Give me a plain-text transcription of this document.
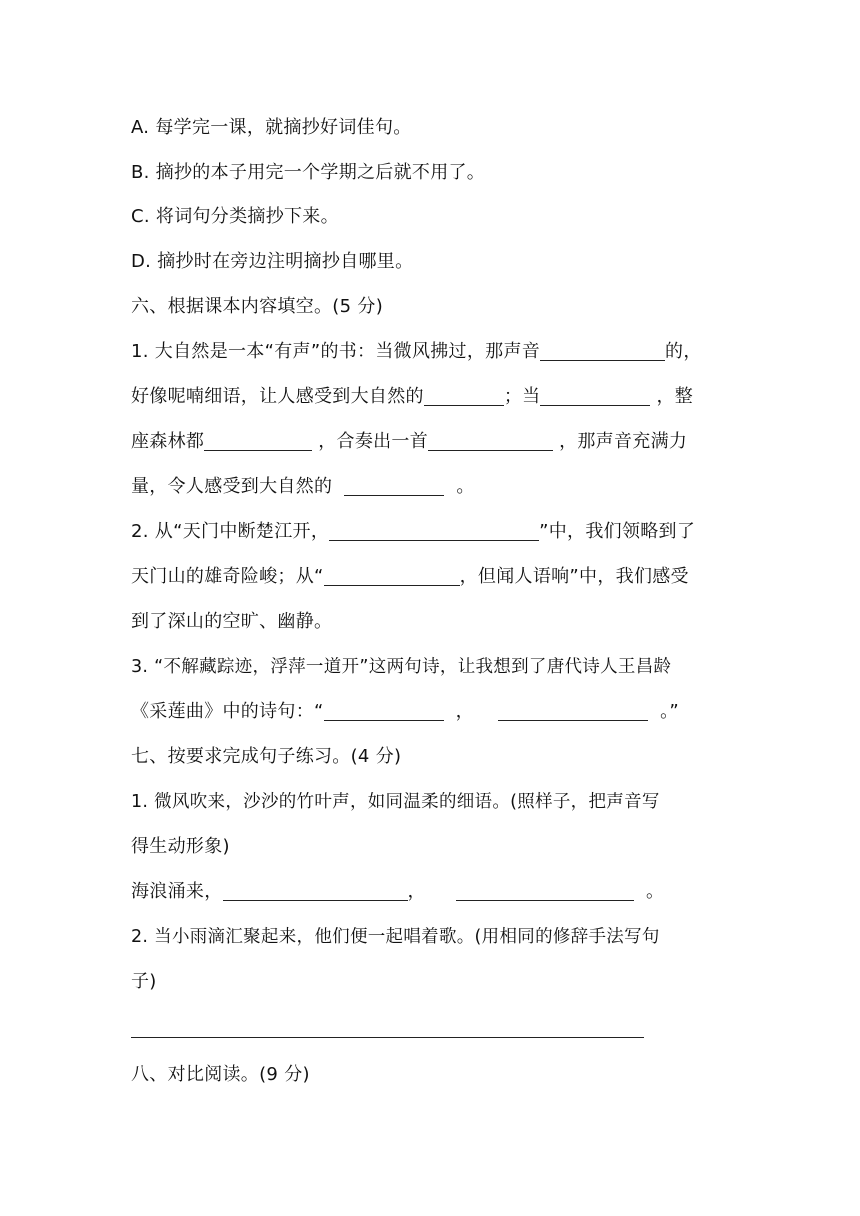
A. 每学完一课，就摘抄好词佳句。
B. 摘抄的本子用完一个学期之后就不用了。
C. 将词句分类摘抄下来。
D. 摘抄时在旁边注明摘抄自哪里。
六、根据课本内容填空。(5 分)
1. 大自然是一本“有声”的书：当微风拂过，那声音	的，
好像呢喃细语，让人感受到大自然的	；当	，整
座森林都	，合奏出一首	，那声音充满力
量，令人感受到大自然的	。
2. 从“天门中断楚江开，	”中，我们领略到了
天门山的雄奇险峻；从“	，但闻人语响”中，我们感受
到了深山的空旷、幽静。
3. “不解藏踪迹，浮萍一道开”这两句诗，让我想到了唐代诗人王昌龄
《采莲曲》中的诗句：“	，	。”
七、按要求完成句子练习。(4 分)
1. 微风吹来，沙沙的竹叶声，如同温柔的细语。(照样子，把声音写
得生动形象)
海浪涌来，	，	。
2. 当小雨滴汇聚起来，他们便一起唱着歌。(用相同的修辞手法写句
子)
八、对比阅读。(9 分)
